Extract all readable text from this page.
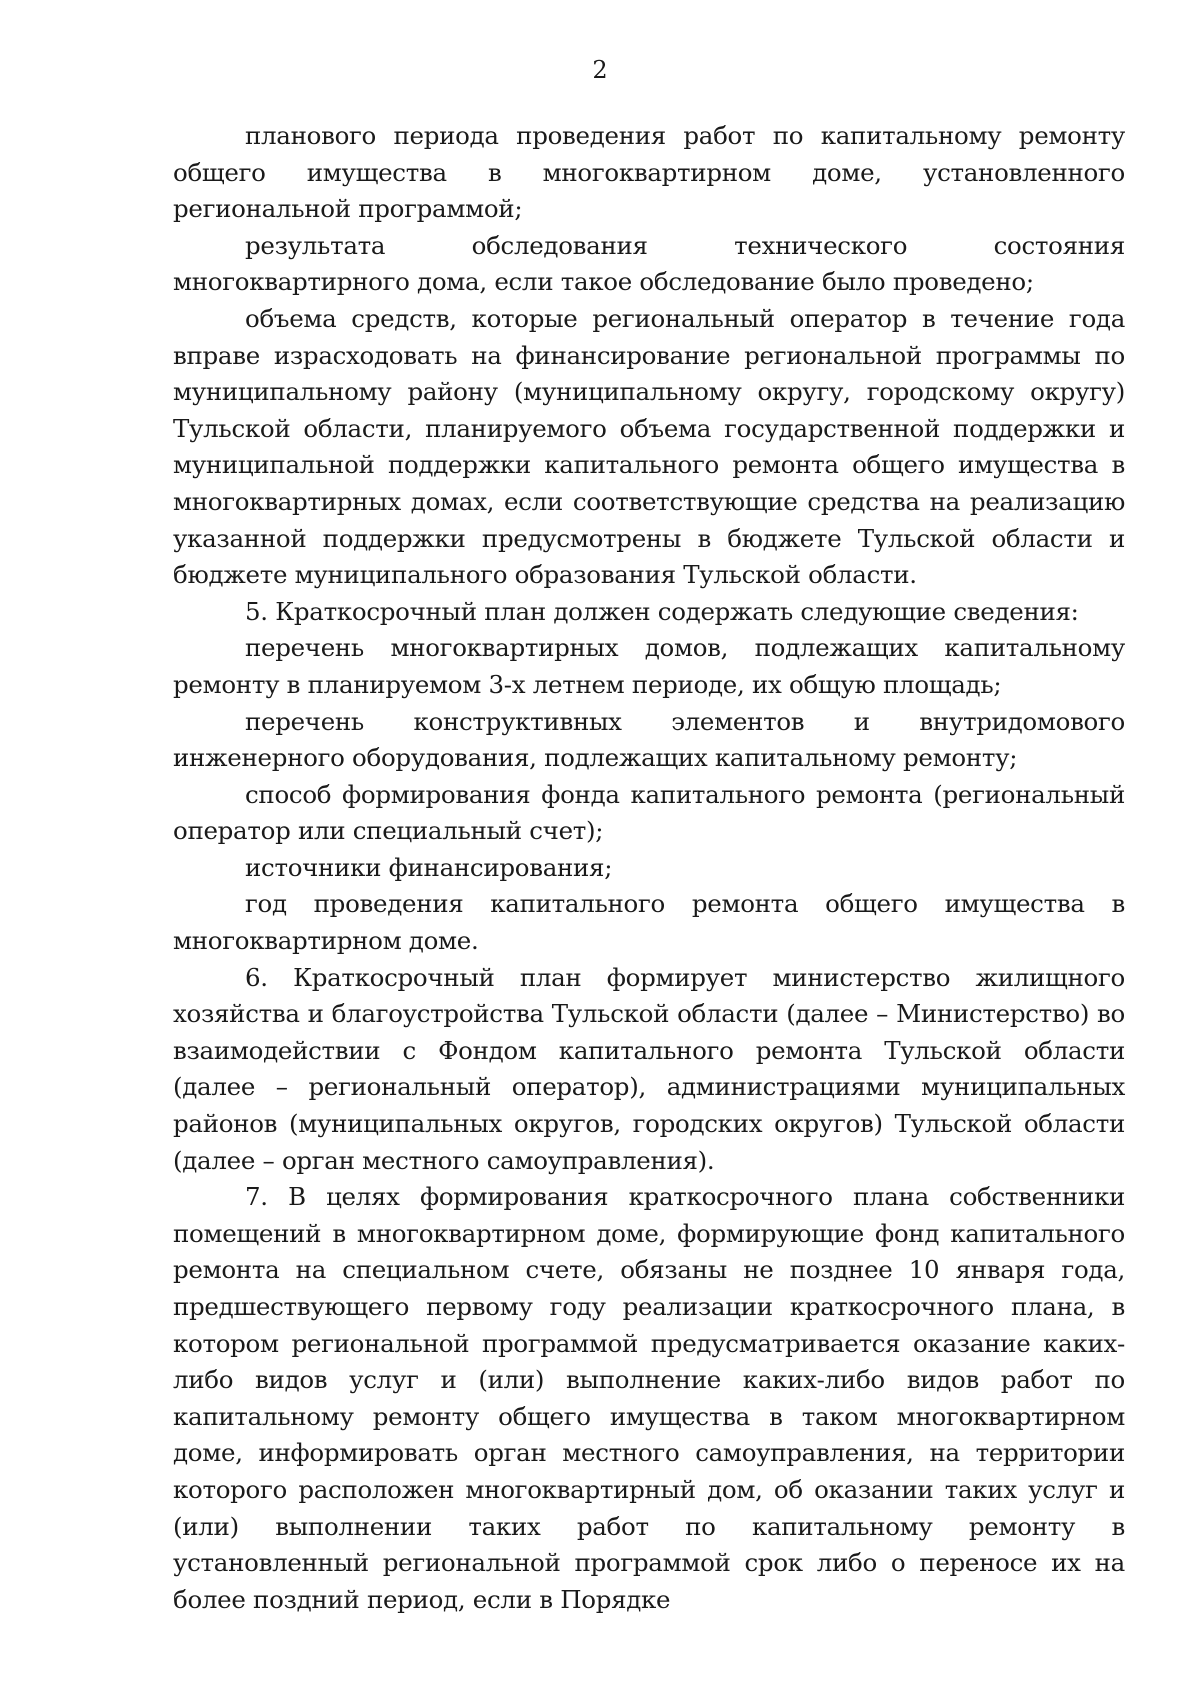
2

планового периода проведения работ по капитальному ремонту общего имущества в многоквартирном доме, установленного региональной программой;

результата обследования технического состояния многоквартирного дома, если такое обследование было проведено;

объема средств, которые региональный оператор в течение года вправе израсходовать на финансирование региональной программы по муниципальному району (муниципальному округу, городскому округу) Тульской области, планируемого объема государственной поддержки и муниципальной поддержки капитального ремонта общего имущества в многоквартирных домах, если соответствующие средства на реализацию указанной поддержки предусмотрены в бюджете Тульской области и бюджете муниципального образования Тульской области.

5. Краткосрочный план должен содержать следующие сведения:

перечень многоквартирных домов, подлежащих капитальному ремонту в планируемом 3-х летнем периоде, их общую площадь;

перечень конструктивных элементов и внутридомового инженерного оборудования, подлежащих капитальному ремонту;

способ формирования фонда капитального ремонта (региональный оператор или специальный счет);

источники финансирования;

год проведения капитального ремонта общего имущества в многоквартирном доме.

6. Краткосрочный план формирует министерство жилищного хозяйства и благоустройства Тульской области (далее – Министерство) во взаимодействии с Фондом капитального ремонта Тульской области (далее – региональный оператор), администрациями муниципальных районов (муниципальных округов, городских округов) Тульской области (далее – орган местного самоуправления).

7. В целях формирования краткосрочного плана собственники помещений в многоквартирном доме, формирующие фонд капитального ремонта на специальном счете, обязаны не позднее 10 января года, предшествующего первому году реализации краткосрочного плана, в котором региональной программой предусматривается оказание каких-либо видов услуг и (или) выполнение каких-либо видов работ по капитальному ремонту общего имущества в таком многоквартирном доме, информировать орган местного самоуправления, на территории которого расположен многоквартирный дом, об оказании таких услуг и (или) выполнении таких работ по капитальному ремонту в установленный региональной программой срок либо о переносе их на более поздний период, если в Порядке
